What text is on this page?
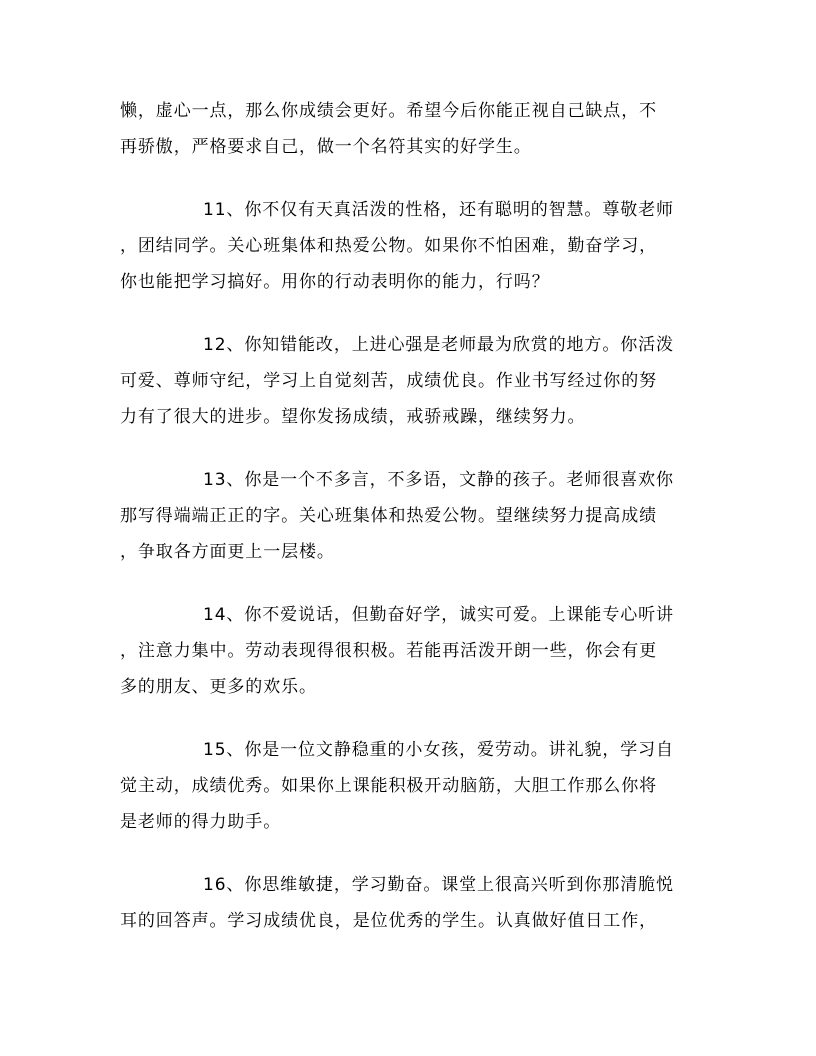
懒，虚心一点，那么你成绩会更好。希望今后你能正视自己缺点，不

再骄傲，严格要求自己，做一个名符其实的好学生。

11、你不仅有天真活泼的性格，还有聪明的智慧。尊敬老师

，团结同学。关心班集体和热爱公物。如果你不怕困难，勤奋学习，

你也能把学习搞好。用你的行动表明你的能力，行吗？

12、你知错能改，上进心强是老师最为欣赏的地方。你活泼

可爱、尊师守纪，学习上自觉刻苦，成绩优良。作业书写经过你的努

力有了很大的进步。望你发扬成绩，戒骄戒躁，继续努力。

13、你是一个不多言，不多语，文静的孩子。老师很喜欢你

那写得端端正正的字。关心班集体和热爱公物。望继续努力提高成绩

，争取各方面更上一层楼。

14、你不爱说话，但勤奋好学，诚实可爱。上课能专心听讲

，注意力集中。劳动表现得很积极。若能再活泼开朗一些，你会有更

多的朋友、更多的欢乐。

15、你是一位文静稳重的小女孩，爱劳动。讲礼貌，学习自

觉主动，成绩优秀。如果你上课能积极开动脑筋，大胆工作那么你将

是老师的得力助手。

16、你思维敏捷，学习勤奋。课堂上很高兴听到你那清脆悦

耳的回答声。学习成绩优良，是位优秀的学生。认真做好值日工作，
